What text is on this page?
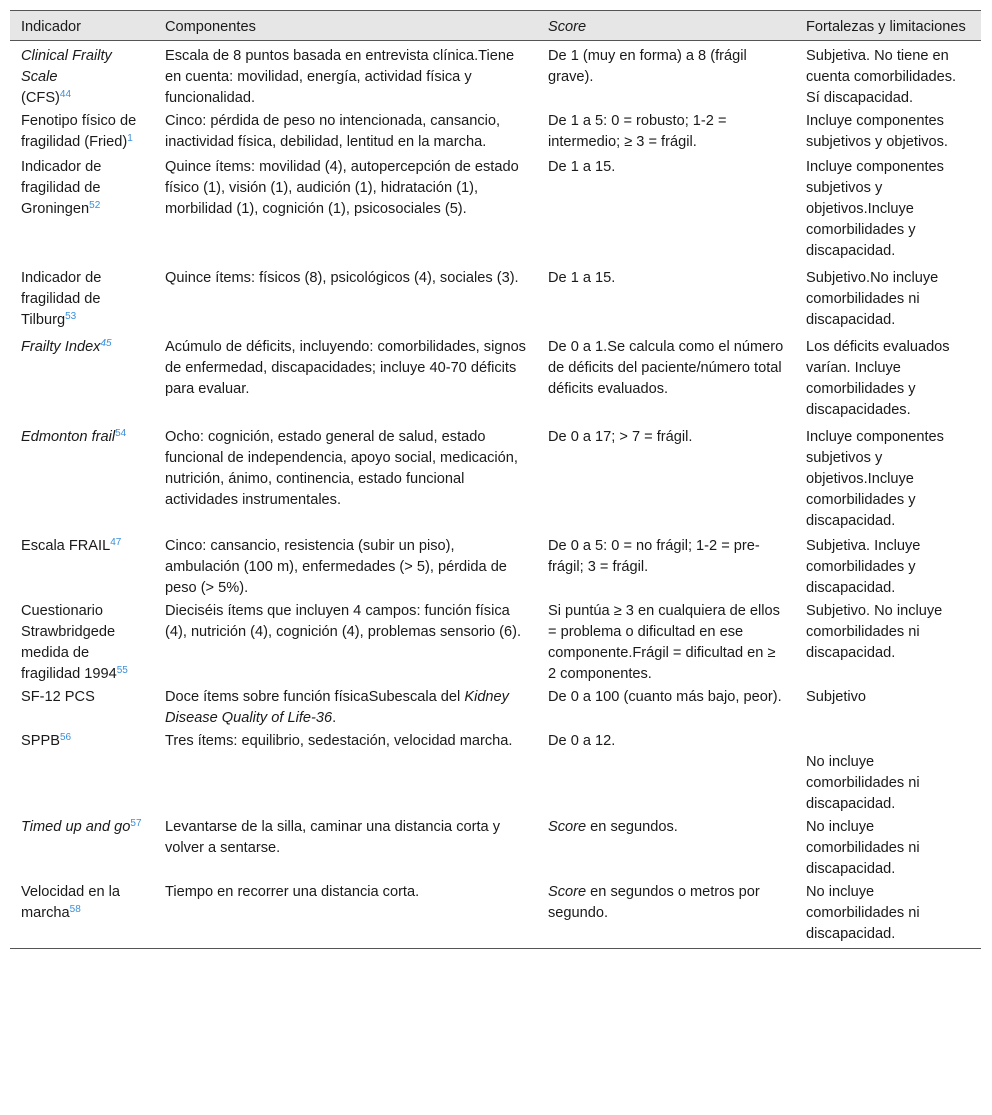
Indicador	Componentes	Score	Fortalezas y limitaciones
Clinical Frailty Scale
(CFS)$^{44}$	Escala de 8 puntos basada en entrevista clínica.Tiene en cuenta: movilidad, energía, actividad física y funcionalidad.	De 1 (muy en forma) a 8 (frágil grave).	Subjetiva. No tiene en cuenta comorbilidades. Sí discapacidad.
Fenotipo físico de fragilidad (Fried)$^1$	Cinco: pérdida de peso no intencionada, cansancio, inactividad física, debilidad, lentitud en la marcha.	De 1 a 5: 0 = robusto; 1-2 = intermedio; ≥ 3 = frágil.	Incluye componentes subjetivos y objetivos.
Indicador de fragilidad de Groningen$^{52}$	Quince ítems: movilidad (4), autopercepción de estado físico (1), visión (1), audición (1), hidratación (1), morbilidad (1), cognición (1), psicosociales (5).	De 1 a 15.	Incluye componentes subjetivos y objetivos.Incluye comorbilidades y discapacidad.
Indicador de fragilidad de Tilburg$^{53}$	Quince ítems: físicos (8), psicológicos (4), sociales (3).	De 1 a 15.	Subjetivo.No incluye comorbilidades ni discapacidad.
Frailty Index$^{45}$	Acúmulo de déficits, incluyendo: comorbilidades, signos de enfermedad, discapacidades; incluye 40-70 déficits para evaluar.	De 0 a 1.Se calcula como el número de déficits del paciente/número total déficits evaluados.	Los déficits evaluados varían. Incluye comorbilidades y discapacidades.
Edmonton frail$^{54}$	Ocho: cognición, estado general de salud, estado funcional de independencia, apoyo social, medicación, nutrición, ánimo, continencia, estado funcional actividades instrumentales.	De 0 a 17; > 7 = frágil.	Incluye componentes subjetivos y objetivos.Incluye comorbilidades y discapacidad.
Escala FRAIL$^{47}$	Cinco: cansancio, resistencia (subir un piso), ambulación (100 m), enfermedades (> 5), pérdida de peso (> 5%).	De 0 a 5: 0 = no frágil; 1-2 = pre-frágil; 3 = frágil.	Subjetiva. Incluye comorbilidades y discapacidad.
Cuestionario Strawbridgede medida de fragilidad 1994$^{55}$	Dieciséis ítems que incluyen 4 campos: función física (4), nutrición (4), cognición (4), problemas sensorio (6).	Si puntúa ≥ 3 en cualquiera de ellos = problema o dificultad en ese componente.Frágil = dificultad en ≥ 2 componentes.	Subjetivo. No incluye comorbilidades ni discapacidad.
SF-12 PCS	Doce ítems sobre función físicaSubescala del Kidney Disease Quality of Life-36.	De 0 a 100 (cuanto más bajo, peor).	Subjetivo
SPPB$^{56}$	Tres ítems: equilibrio, sedestación, velocidad marcha.	De 0 a 12.	No incluye comorbilidades ni discapacidad.
Timed up and $go^{57}$	Levantarse de la silla, caminar una distancia corta y volver a sentarse.	Score en segundos.	No incluye comorbilidades ni discapacidad.
Velocidad en la marcha$^{58}$	Tiempo en recorrer una distancia corta.	Score en segundos o metros por segundo.	No incluye comorbilidades ni discapacidad.
